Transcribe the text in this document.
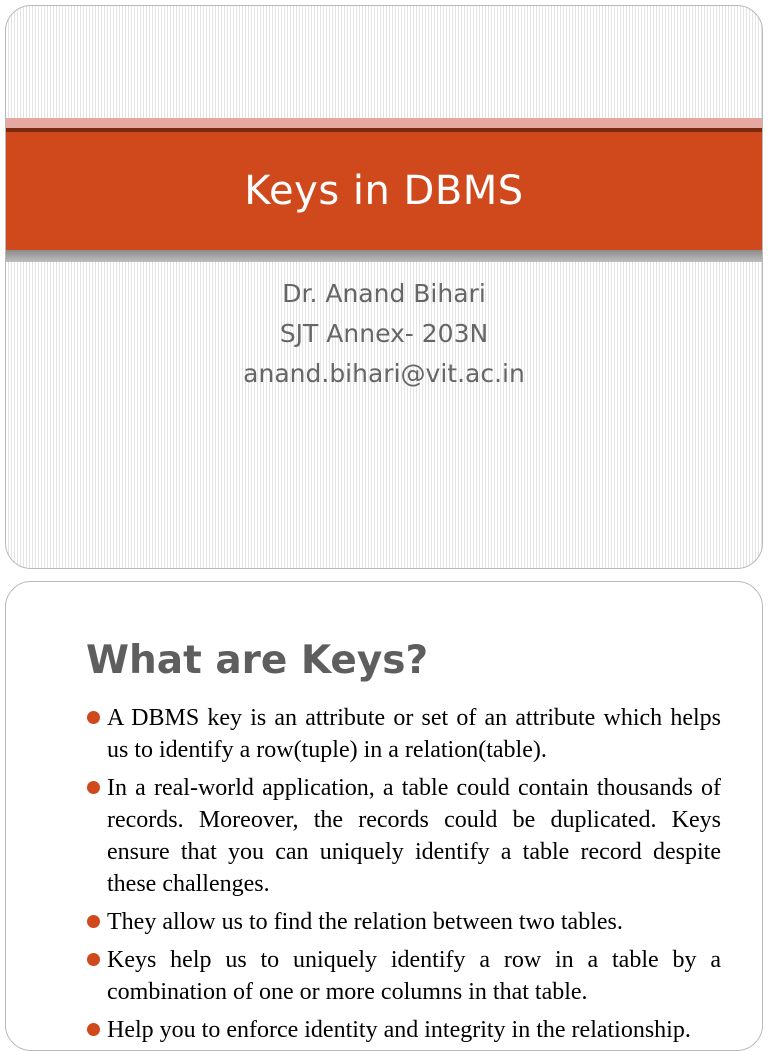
Keys in DBMS
Dr. Anand Bihari
SJT Annex- 203N
anand.bihari@vit.ac.in
What are Keys?
A DBMS key is an attribute or set of an attribute which helps us to identify a row(tuple) in a relation(table).
In a real-world application, a table could contain thousands of records. Moreover, the records could be duplicated. Keys ensure that you can uniquely identify a table record despite these challenges.
They allow us to find the relation between two tables.
Keys help us to uniquely identify a row in a table by a combination of one or more columns in that table.
Help you to enforce identity and integrity in the relationship.
